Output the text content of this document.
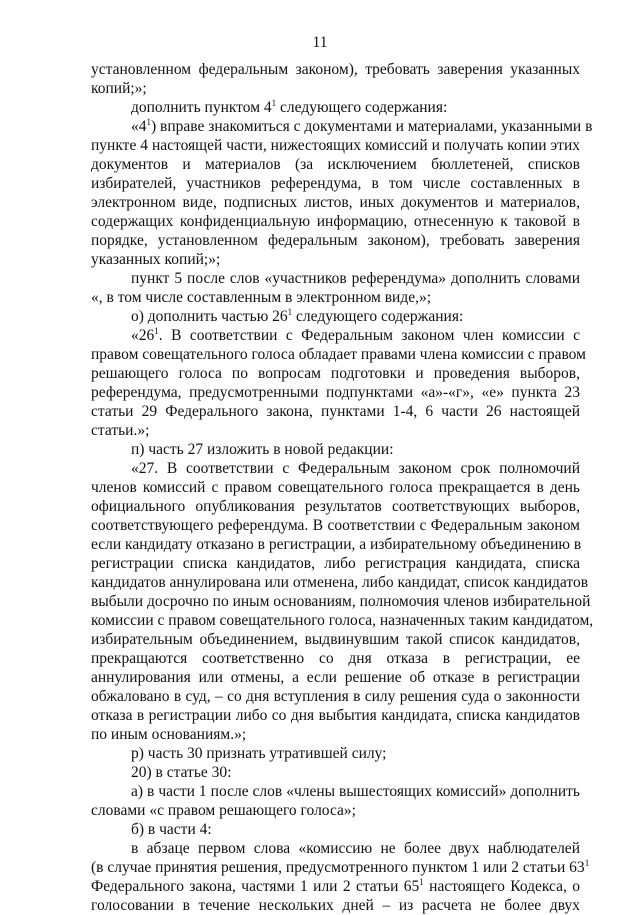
11
установленном федеральным законом), требовать заверения указанных
копий;»;
дополнить пунктом $4^1$ следующего содержания:
«$4^1$) вправе знакомиться с документами и материалами, указанными в
пункте 4 настоящей части, нижестоящих комиссий и получать копии этих
документов и материалов (за исключением бюллетеней, списков
избирателей, участников референдума, в том числе составленных в
электронном виде, подписных листов, иных документов и материалов,
содержащих конфиденциальную информацию, отнесенную к таковой в
порядке, установленном федеральным законом), требовать заверения
указанных копий;»;
пункт 5 после слов «участников референдума» дополнить словами
«, в том числе составленным в электронном виде,»;
о) дополнить частью $26^1$ следующего содержания:
«$26^1$. В соответствии с Федеральным законом член комиссии с
правом совещательного голоса обладает правами члена комиссии с правом
решающего голоса по вопросам подготовки и проведения выборов,
референдума, предусмотренными подпунктами «а»-«г», «е» пункта 23
статьи 29 Федерального закона, пунктами 1-4, 6 части 26 настоящей
статьи.»;
п) часть 27 изложить в новой редакции:
«27. В соответствии с Федеральным законом срок полномочий
членов комиссий с правом совещательного голоса прекращается в день
официального опубликования результатов соответствующих выборов,
соответствующего референдума. В соответствии с Федеральным законом
если кандидату отказано в регистрации, а избирательному объединению в
регистрации списка кандидатов, либо регистрация кандидата, списка
кандидатов аннулирована или отменена, либо кандидат, список кандидатов
выбыли досрочно по иным основаниям, полномочия членов избирательной
комиссии с правом совещательного голоса, назначенных таким кандидатом,
избирательным объединением, выдвинувшим такой список кандидатов,
прекращаются соответственно со дня отказа в регистрации, ее
аннулирования или отмены, а если решение об отказе в регистрации
обжаловано в суд, – со дня вступления в силу решения суда о законности
отказа в регистрации либо со дня выбытия кандидата, списка кандидатов
по иным основаниям.»;
р) часть 30 признать утратившей силу;
20) в статье 30:
а) в части 1 после слов «члены вышестоящих комиссий» дополнить
словами «с правом решающего голоса»;
б) в части 4:
в абзаце первом слова «комиссию не более двух наблюдателей
(в случае принятия решения, предусмотренного пунктом 1 или 2 статьи $63^1$
Федерального закона, частями 1 или 2 статьи $65^1$ настоящего Кодекса, о
голосовании в течение нескольких дней – из расчета не более двух
